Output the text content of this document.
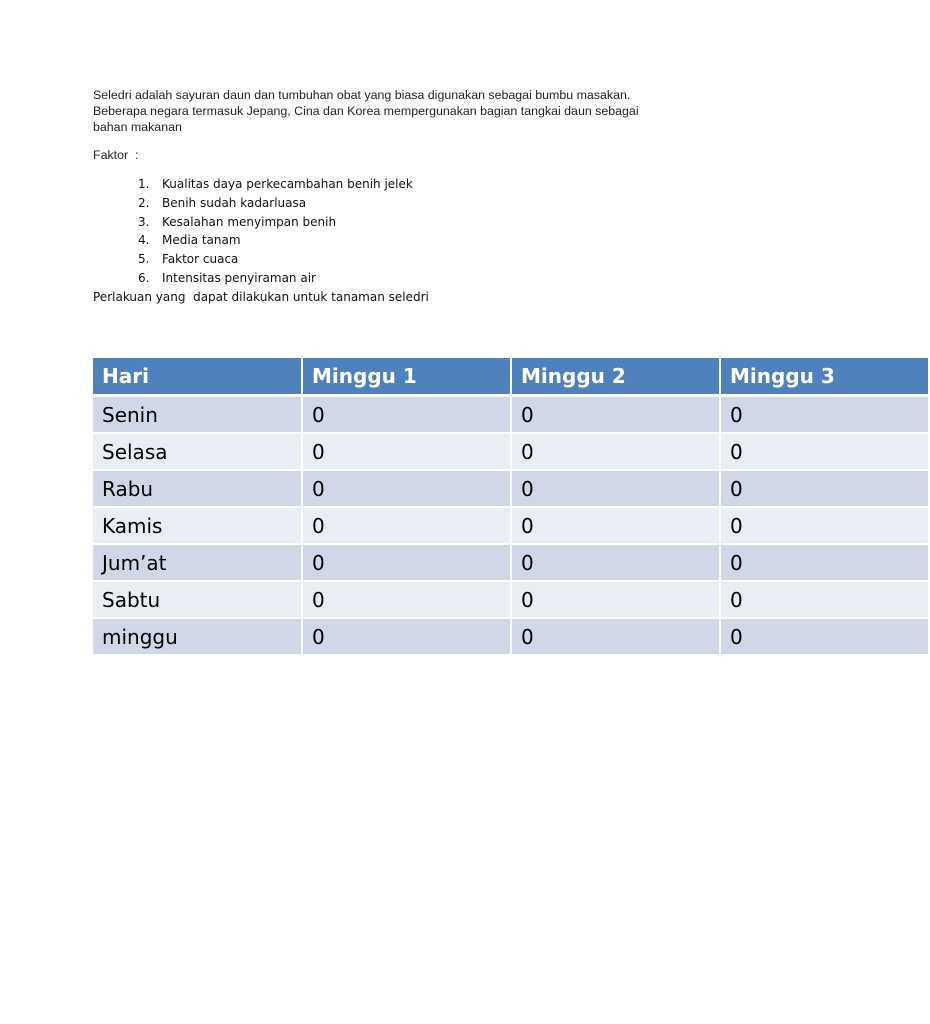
Seledri adalah sayuran daun dan tumbuhan obat yang biasa digunakan sebagai bumbu masakan.
Beberapa negara termasuk Jepang, Cina dan Korea mempergunakan bagian tangkai daun sebagai
bahan makanan

Faktor  :

1. Kualitas daya perkecambahan benih jelek
2. Benih sudah kadarluasa
3. Kesalahan menyimpan benih
4. Media tanam
5. Faktor cuaca
6. Intensitas penyiraman air

Perlakuan yang  dapat dilakukan untuk tanaman seledri

Hari	Minggu 1	Minggu 2	Minggu 3
Senin	0	0	0
Selasa	0	0	0
Rabu	0	0	0
Kamis	0	0	0
Jum’at	0	0	0
Sabtu	0	0	0
minggu	0	0	0
